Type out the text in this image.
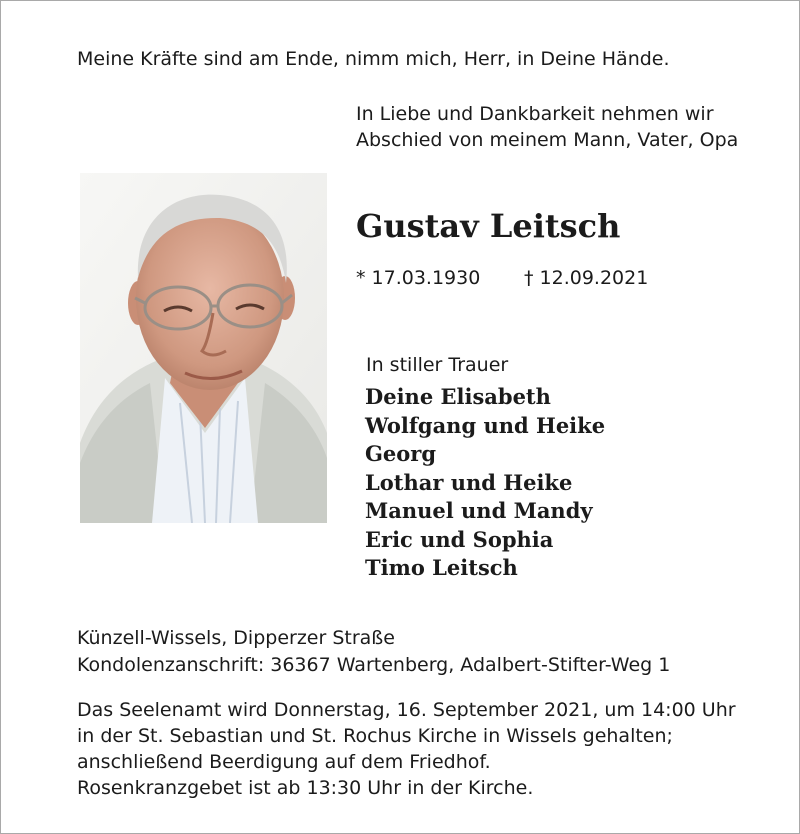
Meine Kräfte sind am Ende, nimm mich, Herr, in Deine Hände.

In Liebe und Dankbarkeit nehmen wir

Abschied von meinem Mann, Vater, Opa

Gustav Leitsch

* 17.03.1930 † 12.09.2021

In stiller Trauer

Deine Elisabeth
Wolfgang und Heike
Georg
Lothar und Heike
Manuel und Mandy
Eric und Sophia
Timo Leitsch

Künzell-Wissels, Dipperzer Straße

Kondolenzanschrift: 36367 Wartenberg, Adalbert-Stifter-Weg 1

Das Seelenamt wird Donnerstag, 16. September 2021, um 14:00 Uhr

in der St. Sebastian und St. Rochus Kirche in Wissels gehalten;

anschließend Beerdigung auf dem Friedhof.

Rosenkranzgebet ist ab 13:30 Uhr in der Kirche.
